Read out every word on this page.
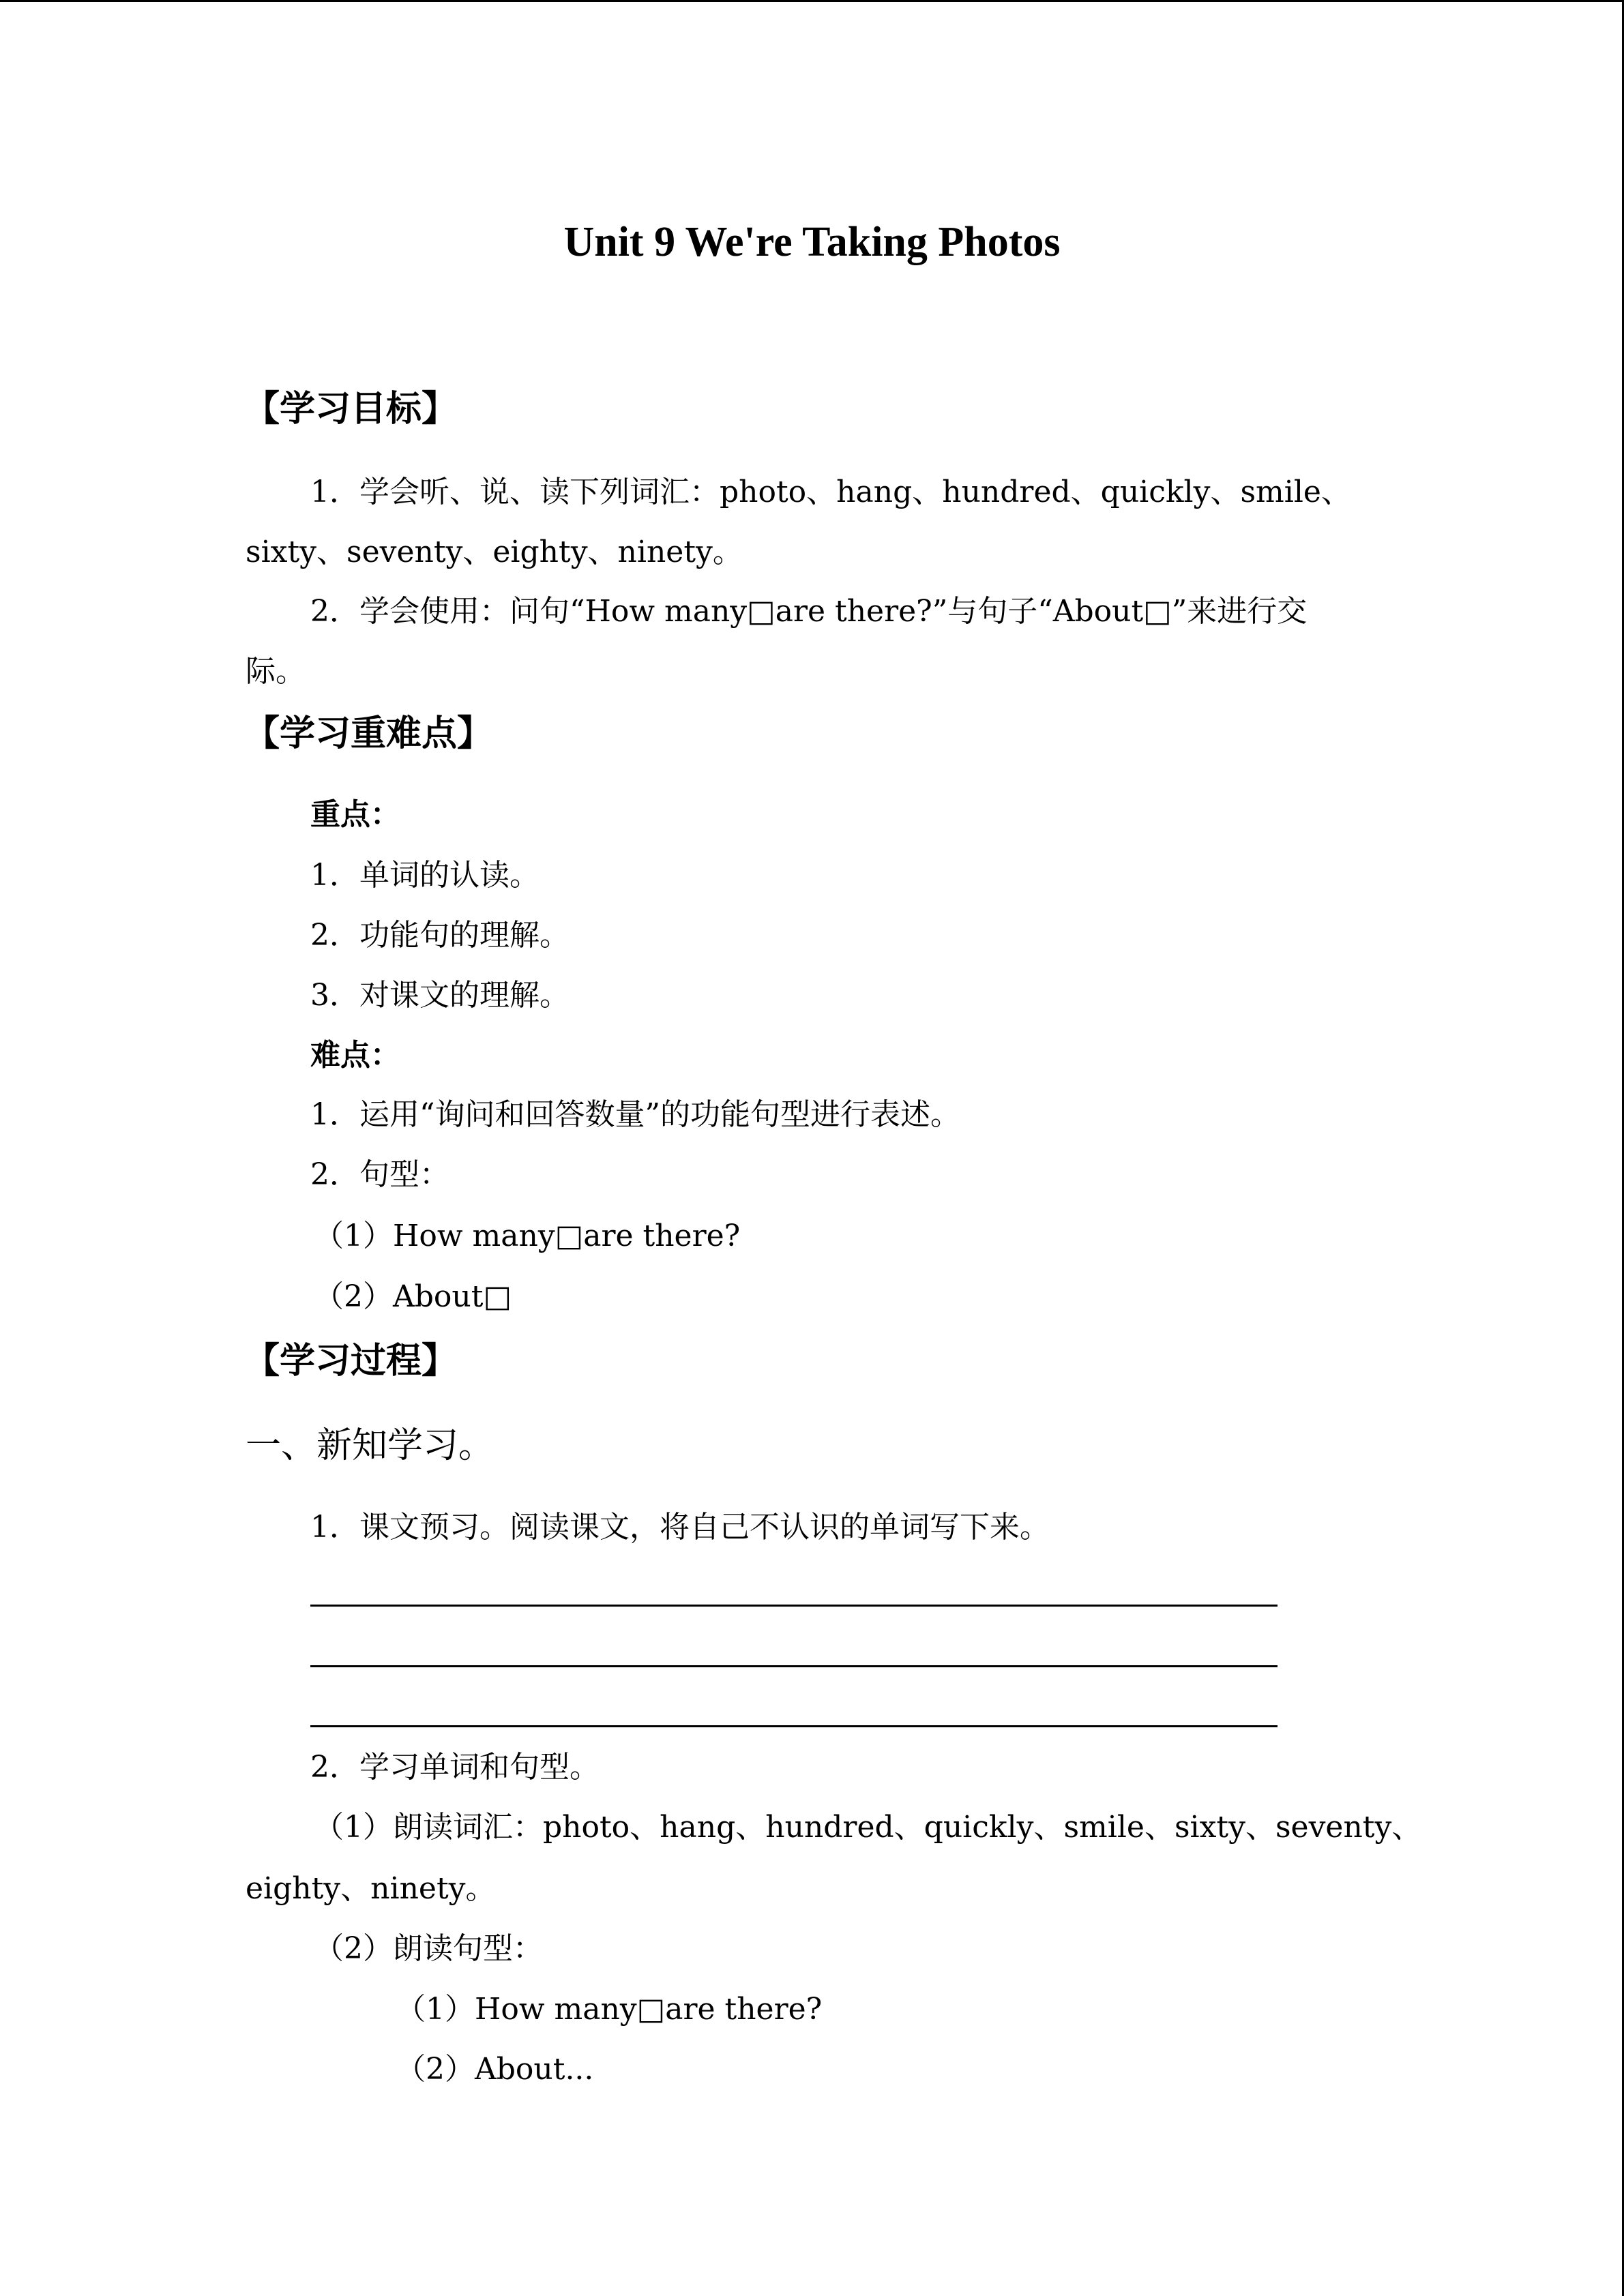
Unit 9 We're Taking Photos
【学习目标】
1．学会听、说、读下列词汇：photo、hang、hundred、quickly、smile、
sixty、seventy、eighty、ninety。
2．学会使用：问句“How many□are there?”与句子“About□”来进行交
际。
【学习重难点】
重点：
1．单词的认读。
2．功能句的理解。
3．对课文的理解。
难点：
1．运用“询问和回答数量”的功能句型进行表述。
2．句型：
（1）How many□are there?
（2）About□
【学习过程】
一、新知学习。
1．课文预习。阅读课文，将自己不认识的单词写下来。
2．学习单词和句型。
（1）朗读词汇：photo、hang、hundred、quickly、smile、sixty、seventy、
eighty、ninety。
（2）朗读句型：
（1）How many□are there?
（2）About...
